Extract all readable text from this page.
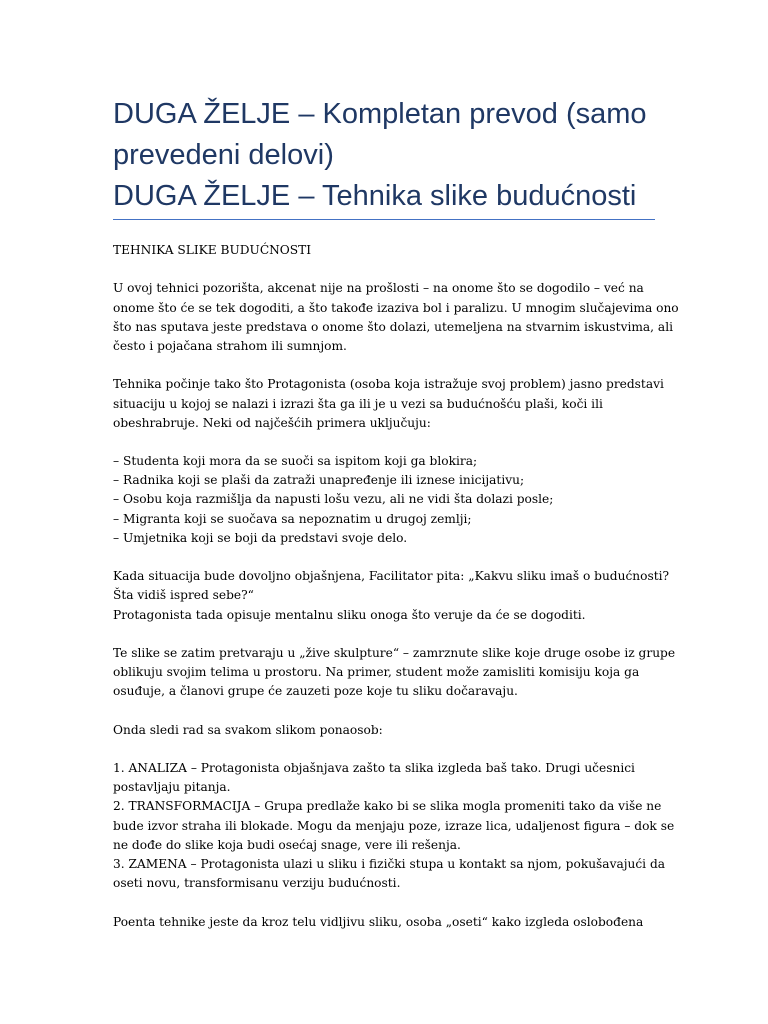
DUGA ŽELJE – Kompletan prevod (samo
prevedeni delovi)
DUGA ŽELJE – Tehnika slike budućnosti
TEHNIKA SLIKE BUDUĆNOSTI
U ovoj tehnici pozorišta, akcenat nije na prošlosti – na onome što se dogodilo – već na
onome što će se tek dogoditi, a što takođe izaziva bol i paralizu. U mnogim slučajevima ono
što nas sputava jeste predstava o onome što dolazi, utemeljena na stvarnim iskustvima, ali
često i pojačana strahom ili sumnjom.
Tehnika počinje tako što Protagonista (osoba koja istražuje svoj problem) jasno predstavi
situaciju u kojoj se nalazi i izrazi šta ga ili je u vezi sa budućnošću plaši, koči ili
obeshrabruje. Neki od najčešćih primera uključuju:
– Studenta koji mora da se suoči sa ispitom koji ga blokira;
– Radnika koji se plaši da zatraži unapređenje ili iznese inicijativu;
– Osobu koja razmišlja da napusti lošu vezu, ali ne vidi šta dolazi posle;
– Migranta koji se suočava sa nepoznatim u drugoj zemlji;
– Umjetnika koji se boji da predstavi svoje delo.
Kada situacija bude dovoljno objašnjena, Facilitator pita: „Kakvu sliku imaš o budućnosti?
Šta vidiš ispred sebe?“
Protagonista tada opisuje mentalnu sliku onoga što veruje da će se dogoditi.
Te slike se zatim pretvaraju u „žive skulpture“ – zamrznute slike koje druge osobe iz grupe
oblikuju svojim telima u prostoru. Na primer, student može zamisliti komisiju koja ga
osuđuje, a članovi grupe će zauzeti poze koje tu sliku dočaravaju.
Onda sledi rad sa svakom slikom ponaosob:
1. ANALIZA – Protagonista objašnjava zašto ta slika izgleda baš tako. Drugi učesnici
postavljaju pitanja.
2. TRANSFORMACIJA – Grupa predlaže kako bi se slika mogla promeniti tako da više ne
bude izvor straha ili blokade. Mogu da menjaju poze, izraze lica, udaljenost figura – dok se
ne dođe do slike koja budi osećaj snage, vere ili rešenja.
3. ZAMENA – Protagonista ulazi u sliku i fizički stupa u kontakt sa njom, pokušavajući da
oseti novu, transformisanu verziju budućnosti.
Poenta tehnike jeste da kroz telu vidljivu sliku, osoba „oseti“ kako izgleda oslobođena
